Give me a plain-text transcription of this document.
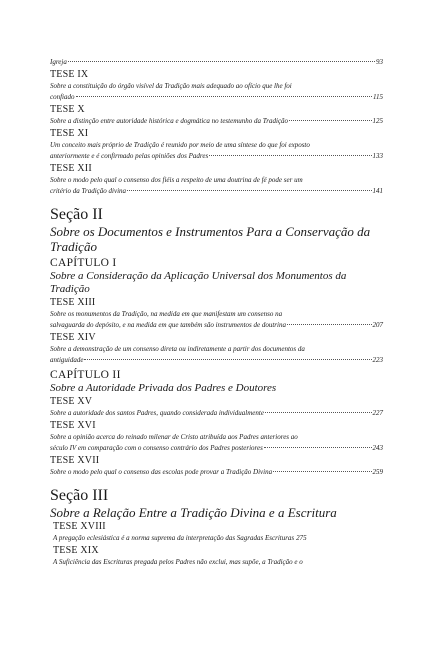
Igreja	93
TESE IX
Sobre a constituição do órgão visível da Tradição mais adequado ao ofício que lhe foi
confiado	115
TESE X
Sobre a distinção entre autoridade histórica e dogmática no testemunho da Tradição	125
TESE XI
Um conceito mais próprio de Tradição é reunido por meio de uma síntese do que foi exposto
anteriormente e é confirmado pelas opiniões dos Padres	133
TESE XII
Sobre o modo pelo qual o consenso dos fiéis a respeito de uma doutrina de fé pode ser um
critério da Tradição divina	141
Seção II
Sobre os Documentos e Instrumentos Para a Conservação da Tradição
CAPÍTULO I
Sobre a Consideração da Aplicação Universal dos Monumentos da Tradição
TESE XIII
Sobre os monumentos da Tradição, na medida em que manifestam um consenso na
salvaguarda do depósito, e na medida em que também são instrumentos de doutrina	207
TESE XIV
Sobre a demonstração de um consenso direta ou indiretamente a partir dos documentos da
antiguidade	223
CAPÍTULO II
Sobre a Autoridade Privada dos Padres e Doutores
TESE XV
Sobre a autoridade dos santos Padres, quando considerada individualmente	227
TESE XVI
Sobre a opinião acerca do reinado milenar de Cristo atribuída aos Padres anteriores ao
século IV em comparação com o consenso contrário dos Padres posteriores	243
TESE XVII
Sobre o modo pelo qual o consenso das escolas pode provar a Tradição Divina	259
Seção III
Sobre a Relação Entre a Tradição Divina e a Escritura
TESE XVIII
A pregação eclesiástica é a norma suprema da interpretação das Sagradas Escrituras 275
TESE XIX
A Suficiência das Escrituras pregada pelos Padres não exclui, mas supõe, a Tradição e o
